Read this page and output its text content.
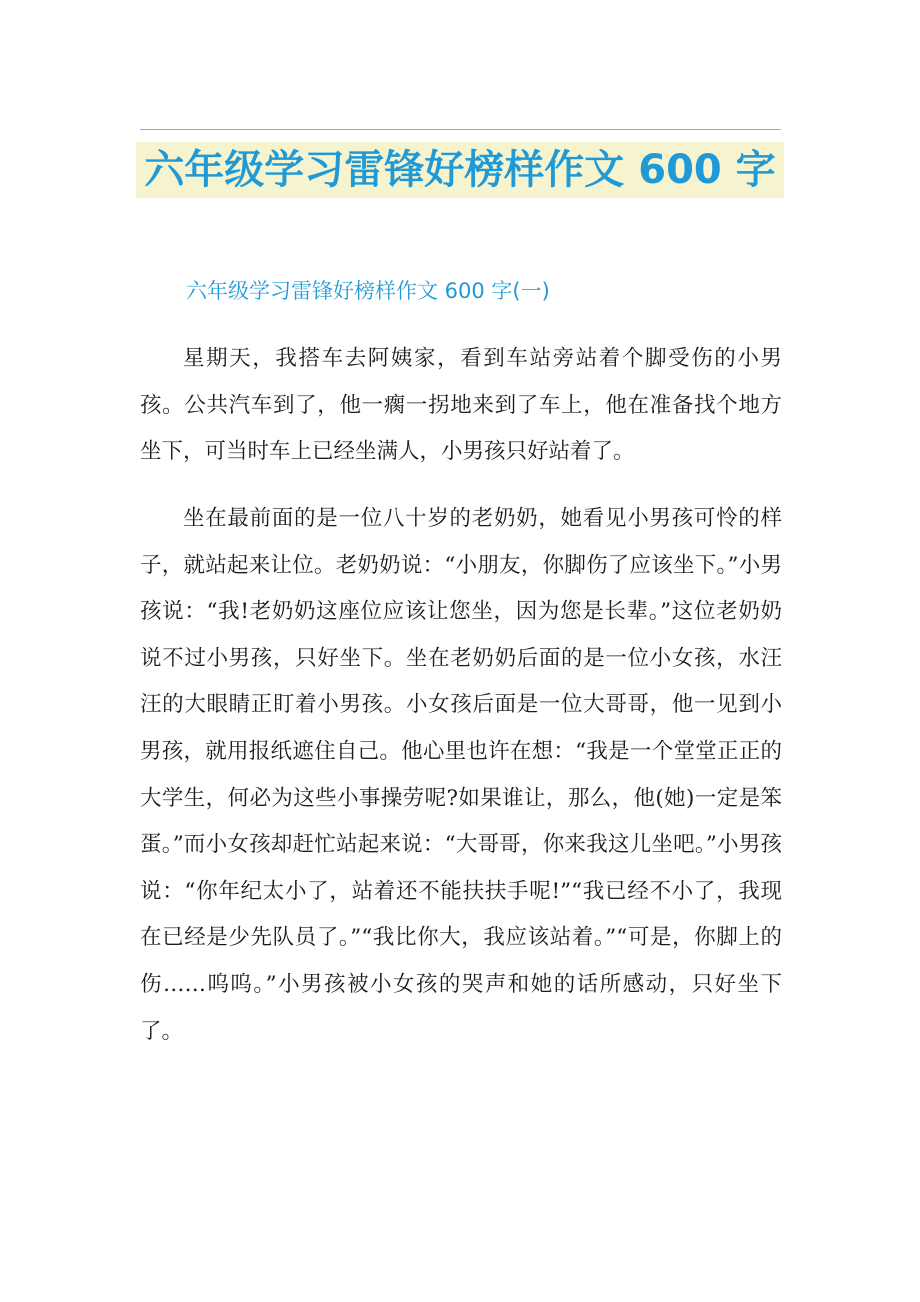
六年级学习雷锋好榜样作文 600 字
六年级学习雷锋好榜样作文 600 字(一)

星期天，我搭车去阿姨家，看到车站旁站着个脚受伤的小男孩。公共汽车到了，他一瘸一拐地来到了车上，他在准备找个地方坐下，可当时车上已经坐满人，小男孩只好站着了。

坐在最前面的是一位八十岁的老奶奶，她看见小男孩可怜的样子，就站起来让位。老奶奶说：“小朋友，你脚伤了应该坐下。”小男孩说：“我!老奶奶这座位应该让您坐，因为您是长辈。”这位老奶奶说不过小男孩，只好坐下。坐在老奶奶后面的是一位小女孩，水汪汪的大眼睛正盯着小男孩。小女孩后面是一位大哥哥，他一见到小男孩，就用报纸遮住自己。他心里也许在想：“我是一个堂堂正正的大学生，何必为这些小事操劳呢?如果谁让，那么，他(她)一定是笨蛋。”而小女孩却赶忙站起来说：“大哥哥，你来我这儿坐吧。”小男孩说：“你年纪太小了，站着还不能扶扶手呢!”“我已经不小了，我现在已经是少先队员了。”“我比你大，我应该站着。”“可是，你脚上的伤……呜呜。”小男孩被小女孩的哭声和她的话所感动，只好坐下了。
